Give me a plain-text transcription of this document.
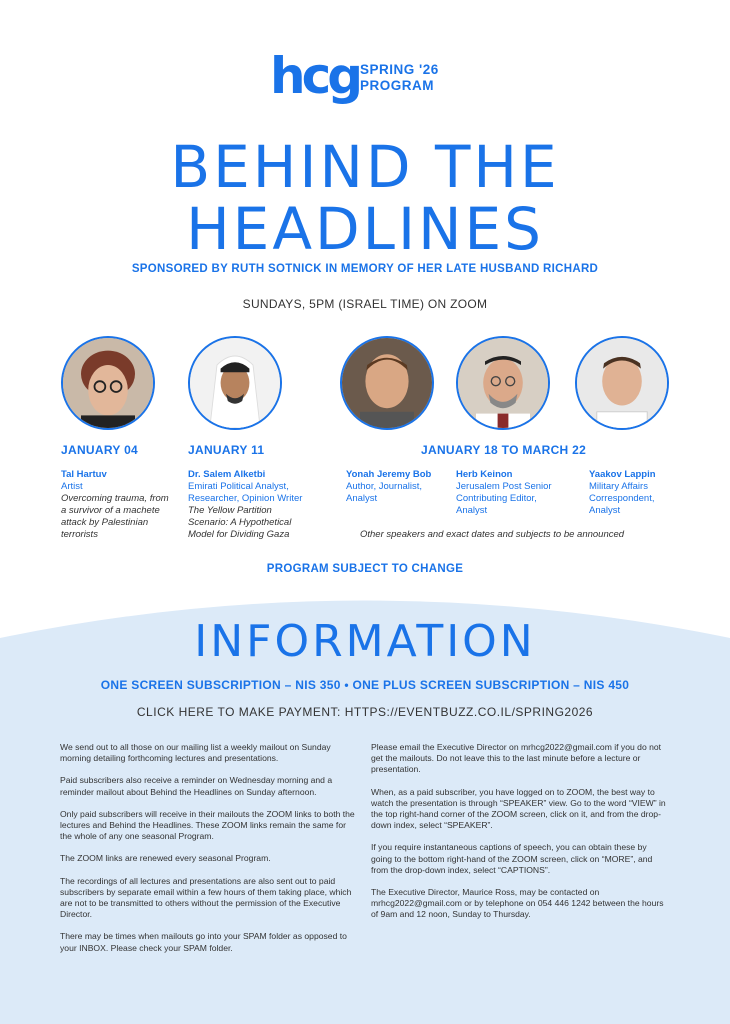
hcg SPRING '26
PROGRAM
BEHIND THE
HEADLINES
SPONSORED BY RUTH SOTNICK IN MEMORY OF HER LATE HUSBAND RICHARD
SUNDAYS, 5PM (ISRAEL TIME) ON ZOOM
JANUARY 04	JANUARY 11	JANUARY 18 TO MARCH 22
Tal Hartuv
Artist
Overcoming trauma, from
a survivor of a machete
attack by Palestinian
terrorists
Dr. Salem Alketbi
Emirati Political Analyst,
Researcher, Opinion Writer
The Yellow Partition
Scenario: A Hypothetical
Model for Dividing Gaza
Yonah Jeremy Bob
Author, Journalist,
Analyst
Herb Keinon
Jerusalem Post Senior
Contributing Editor,
Analyst
Yaakov Lappin
Military Affairs
Correspondent,
Analyst
Other speakers and exact dates and subjects to be announced
PROGRAM SUBJECT TO CHANGE
INFORMATION
ONE SCREEN SUBSCRIPTION – NIS 350 • ONE PLUS SCREEN SUBSCRIPTION – NIS 450
CLICK HERE TO MAKE PAYMENT: HTTPS://EVENTBUZZ.CO.IL/SPRING2026

We send out to all those on our mailing list a weekly mailout on Sunday morning detailing forthcoming lectures and presentations.

Paid subscribers also receive a reminder on Wednesday morning and a reminder mailout about Behind the Headlines on Sunday afternoon.

Only paid subscribers will receive in their mailouts the ZOOM links to both the lectures and Behind the Headlines. These ZOOM links remain the same for the whole of any one seasonal Program.

The ZOOM links are renewed every seasonal Program.

The recordings of all lectures and presentations are also sent out to paid subscribers by separate email within a few hours of them taking place, which are not to be transmitted to others without the permission of the Executive Director.

There may be times when mailouts go into your SPAM folder as opposed to your INBOX. Please check your SPAM folder.

Please email the Executive Director on mrhcg2022@gmail.com if you do not get the mailouts. Do not leave this to the last minute before a lecture or presentation.

When, as a paid subscriber, you have logged on to ZOOM, the best way to watch the presentation is through “SPEAKER” view. Go to the word “VIEW” in the top right-hand corner of the ZOOM screen, click on it, and from the drop-down index, select “SPEAKER”.

If you require instantaneous captions of speech, you can obtain these by going to the bottom right-hand of the ZOOM screen, click on “MORE”, and from the drop-down index, select “CAPTIONS”.

The Executive Director, Maurice Ross, may be contacted on mrhcg2022@gmail.com or by telephone on 054 446 1242 between the hours of 9am and 12 noon, Sunday to Thursday.
